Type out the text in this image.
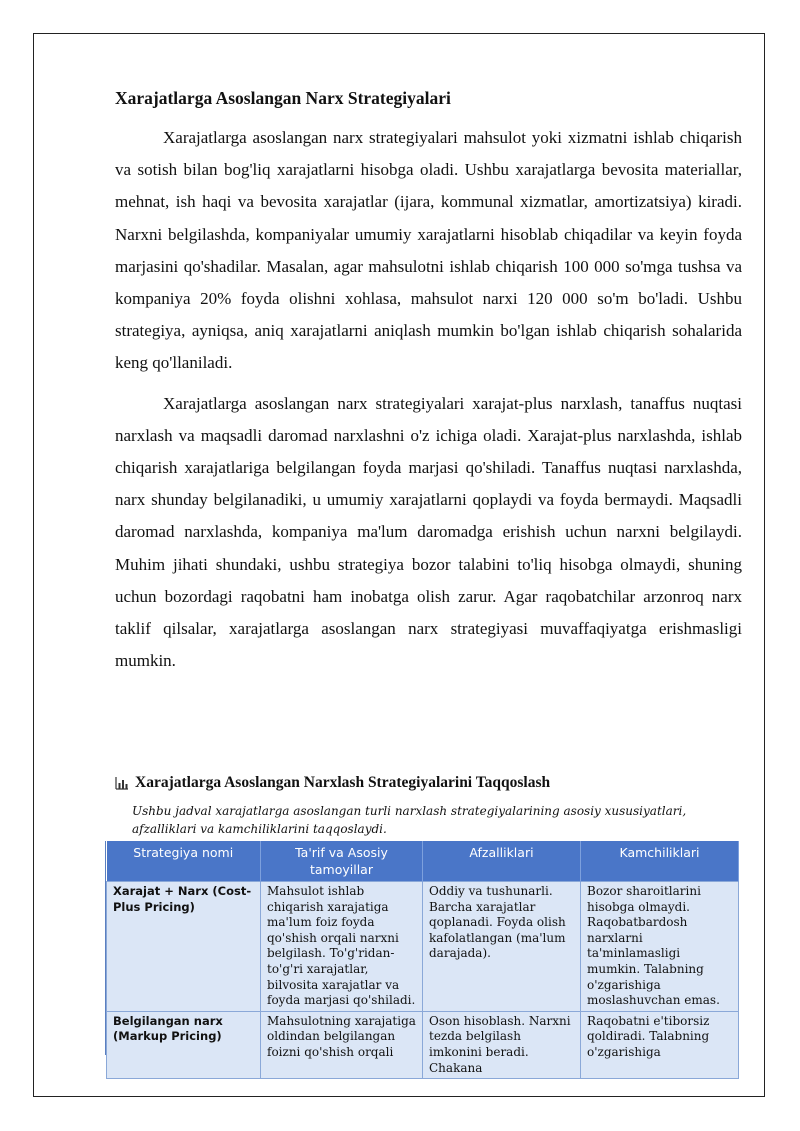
Xarajatlarga Asoslangan Narx Strategiyalari

Xarajatlarga asoslangan narx strategiyalari mahsulot yoki xizmatni ishlab chiqarish va sotish bilan bog'liq xarajatlarni hisobga oladi. Ushbu xarajatlarga bevosita materiallar, mehnat, ish haqi va bevosita xarajatlar (ijara, kommunal xizmatlar, amortizatsiya) kiradi. Narxni belgilashda, kompaniyalar umumiy xarajatlarni hisoblab chiqadilar va keyin foyda marjasini qo'shadilar. Masalan, agar mahsulotni ishlab chiqarish 100 000 so'mga tushsa va kompaniya 20% foyda olishni xohlasa, mahsulot narxi 120 000 so'm bo'ladi. Ushbu strategiya, ayniqsa, aniq xarajatlarni aniqlash mumkin bo'lgan ishlab chiqarish sohalarida keng qo'llaniladi.

Xarajatlarga asoslangan narx strategiyalari xarajat-plus narxlash, tanaffus nuqtasi narxlash va maqsadli daromad narxlashni o'z ichiga oladi. Xarajat-plus narxlashda, ishlab chiqarish xarajatlariga belgilangan foyda marjasi qo'shiladi. Tanaffus nuqtasi narxlashda, narx shunday belgilanadiki, u umumiy xarajatlarni qoplaydi va foyda bermaydi. Maqsadli daromad narxlashda, kompaniya ma'lum daromadga erishish uchun narxni belgilaydi. Muhim jihati shundaki, ushbu strategiya bozor talabini to'liq hisobga olmaydi, shuning uchun bozordagi raqobatni ham inobatga olish zarur. Agar raqobatchilar arzonroq narx taklif qilsalar, xarajatlarga asoslangan narx strategiyasi muvaffaqiyatga erishmasligi mumkin.

Xarajatlarga Asoslangan Narxlash Strategiyalarini Taqqoslash
Ushbu jadval xarajatlarga asoslangan turli narxlash strategiyalarining asosiy xususiyatlari, afzalliklari va kamchiliklarini taqqoslaydi.
Strategiya nomi	Ta'rif va Asosiy tamoyillar	Afzalliklari	Kamchiliklari
Xarajat + Narx (Cost-Plus Pricing)	Mahsulot ishlab chiqarish xarajatiga ma'lum foiz foyda qo'shish orqali narxni belgilash. To'g'ridan-to'g'ri xarajatlar, bilvosita xarajatlar va foyda marjasi qo'shiladi.	Oddiy va tushunarli. Barcha xarajatlar qoplanadi. Foyda olish kafolatlangan (ma'lum darajada).	Bozor sharoitlarini hisobga olmaydi. Raqobatbardosh narxlarni ta'minlamasligi mumkin. Talabning o'zgarishiga moslashuvchan emas.
Belgilangan narx (Markup Pricing)	Mahsulotning xarajatiga oldindan belgilangan foizni qo'shish orqali	Oson hisoblash. Narxni tezda belgilash imkonini beradi. Chakana	Raqobatni e'tiborsiz qoldiradi. Talabning o'zgarishiga
